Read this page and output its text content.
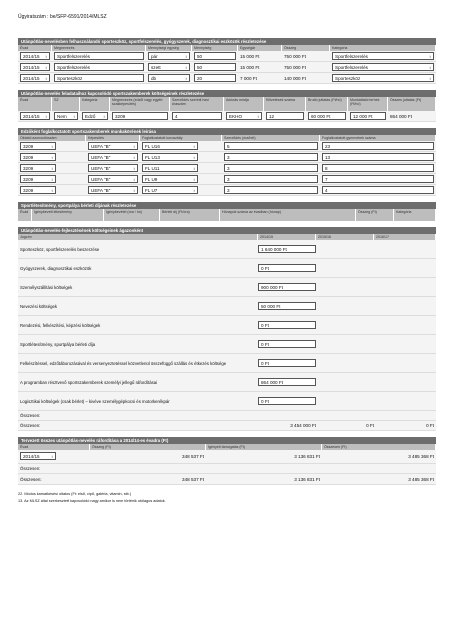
Ügyiratszám : be/SFP-6591/2014/MLSZ
Utánpótlás-nevelésben felhasználandó sporteszköz, sportfelszerelés, gyógyszerek, diagnosztikai eszközök részletezése
Évad	Megnevezés	Mennyiségi egység	Mennyiség	Egységár	Összeg	Kategória
2014/15 ↕	Sportfelszerelés	pár ↕	50	15 000 Ft	750 000 Ft	Sportfelszerelés ↕
2014/15 ↕	Sportfelszerelés	szett ↕	50	15 000 Ft	750 000 Ft	Sportfelszerelés ↕
2014/15 ↕	Sporteszköz	db ↕	20	7 000 Ft	140 000 Ft	Sporteszköz ↕
Utánpótlás-nevelés feladataihoz kapcsolódó sportszakemberek költségeinek részletezése
Évad	SZ	Kategória	Megnevezés (edzői vagy egyéb szakképesítés)
Szerződés szerinti havi óraszám
Adózás módja	Kifizetések száma	Bruttó juttatás (Ft/hó)	Munkáltatói terhek (Ft/hó)
Összes juttatás (Ft)
2014/15 ↕	Nem ↕	Edző ↕	3209	4	EKHO ↕	12	60 000 Ft	12 000 Ft	864 000 Ft
Edzőként foglalkoztatott sportszakemberek munkakörének leírása
Oktatói azonosítószám	Képesítés	Foglalkoztatott korosztály	Szerződés (óra/hét)	Foglalkoztatott gyermekek száma
3209 ↕	UEFA "B" ↕	FL U16 ↕	5	23
3209 ↕	UEFA "B" ↕	FL U13 ↕	3	13
3209 ↕	UEFA "B" ↕	FL U11 ↕	3	8
3209 ↕	UEFA "B" ↕	FL U9 ↕	3	7
3209 ↕	UEFA "B" ↕	FL U7 ↕	3	4
Sportlétesítmény, sportpálya bérleti díjának részletezése
Évad	Igénybevett létesítmény	Igénybevétel (óra / hó)	Bérleti díj (Ft/óra)	Hónapok száma az évadban (hónap)	Összeg (Ft)	Kategória
Utánpótlás-nevelés-fejlesztésének költségeinek ágazonként
Jogcím	2014/15	2015/16	2016/17
Sporteszköz, sportfelszerelés beszerzése	1 640 000 Ft
Gyógyszerek, diagnosztikai eszközök	0 Ft
Személyszállítási költségek	900 000 Ft
Nevezési költségek	50 000 Ft
Rendezési, felkészítési, képzési költségek	0 Ft
Sportlétesítmény, sportpálya bérleti díja	0 Ft
Felkészítéssel, edzőtáborozásával és versenyeztetéssel közvetlenül összefüggő szállás és étkezés költsége	0 Ft
A programban résztvevő sportszakemberek személyi jellegű ráfordításai	864 000 Ft
Logisztikai költségek (csak bérlet) – kivéve személygépkocsi és motorkerékpár	0 Ft
Összesen:
Összesen:	3 454 000 Ft	0 Ft	0 Ft
Tervezett összes utánpótlás-nevelés ráfordítása a 2014/14-es évadra (Ft)
Évad	Összeg (Ft)	Igényelt támogatás (Ft)	Összesen (Ft)
2014/15 ↕	348 537 Ft	3 136 831 Ft	3 485 368 Ft
Összesen:
Összesen:	348 537 Ft	3 136 831 Ft	3 485 368 Ft
22. Módos kamatkésési oltatos (Ft: első, cipő, galéria, vitamin, stb.)
13. Az MLSZ által szerkesztett kapcsolódó nagy amikor is nem történik utólagos adatok.
